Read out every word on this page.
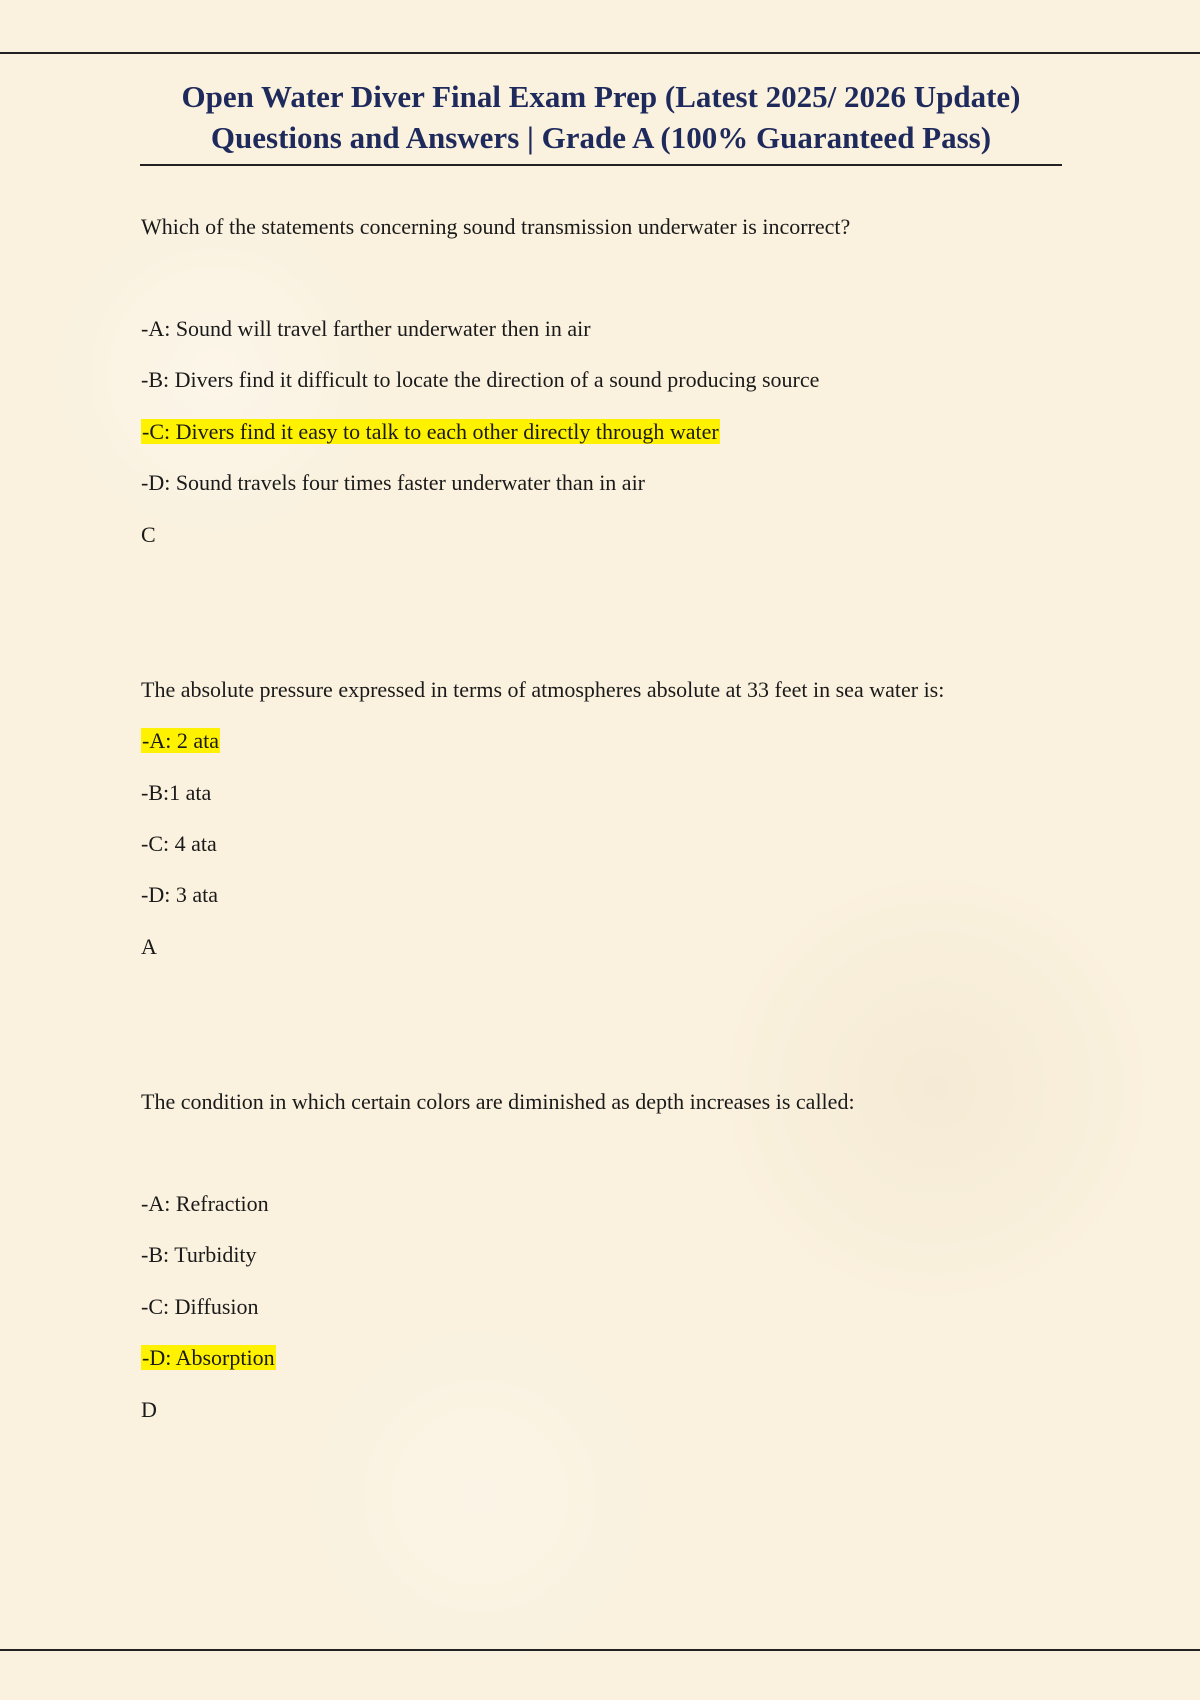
Open Water Diver Final Exam Prep (Latest 2025/ 2026 Update)

Questions and Answers | Grade A (100% Guaranteed Pass)

Which of the statements concerning sound transmission underwater is incorrect?
-A: Sound will travel farther underwater then in air
-B: Divers find it difficult to locate the direction of a sound producing source
-C: Divers find it easy to talk to each other directly through water
-D: Sound travels four times faster underwater than in air
C
The absolute pressure expressed in terms of atmospheres absolute at 33 feet in sea water is:
-A: 2 ata
-B:1 ata
-C: 4 ata
-D: 3 ata
A
The condition in which certain colors are diminished as depth increases is called:
-A: Refraction
-B: Turbidity
-C: Diffusion
-D: Absorption
D
